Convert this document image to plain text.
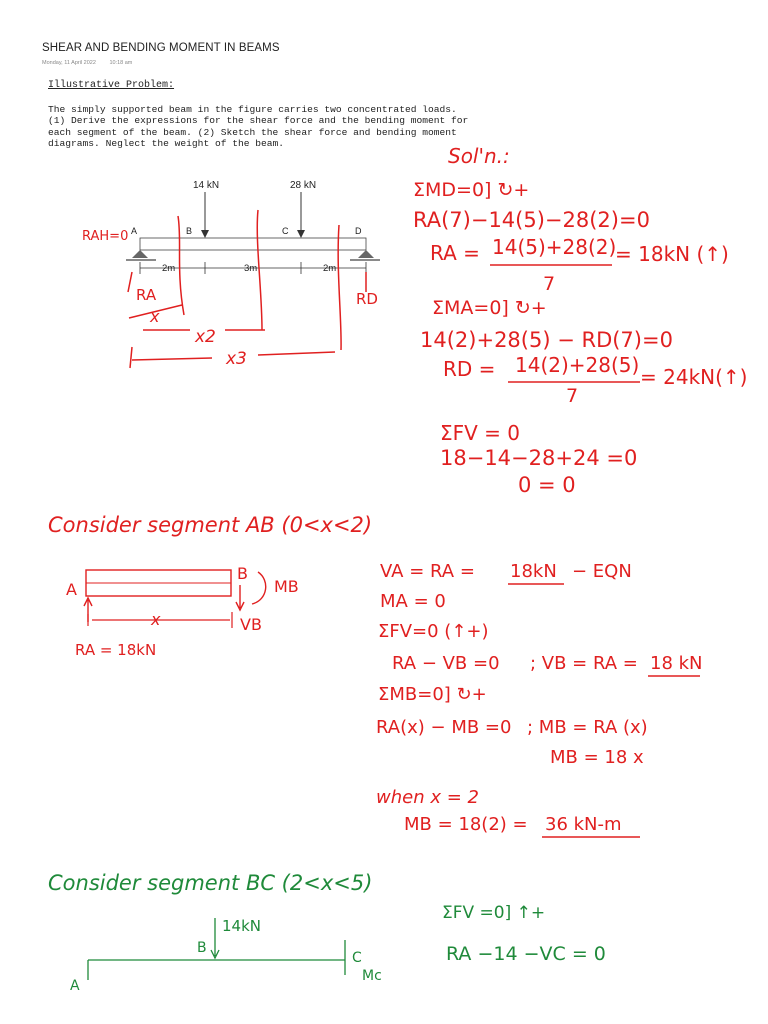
SHEAR AND BENDING MOMENT IN BEAMS
Monday, 11 April 2022 10:18 am
Illustrative Problem:
The simply supported beam in the figure carries two concentrated loads.
(1) Derive the expressions for the shear force and the bending moment for
each segment of the beam. (2) Sketch the shear force and bending moment
diagrams. Neglect the weight of the beam.
14 kN	28 kN
A	B	C	D
2m	3m	2m
RAH=0
RA	RD
x
x2
x3
Sol'n.:
ΣMD=0] ↻+
RA(7)−14(5)−28(2)=0
RA = 14(5)+28(2)
7
= 18kN (↑)
ΣMA=0] ↻+
14(2)+28(5) − RD(7)=0
RD = 14(2)+28(5)
7
= 24kN(↑)
ΣFV = 0
18−14−28+24 =0
0 = 0
Consider segment AB (0<x<2)
A
B
MB
VB
x
RA = 18kN
VA = RA = 18kN − EQN
MA = 0
ΣFV=0 (↑+)
RA − VB =0 ; VB = RA = 18 kN
ΣMB=0] ↻+
RA(x) − MB =0 ; MB = RA (x)
MB = 18 x
when x = 2
MB = 18(2) = 36 kN-m
Consider segment BC (2<x<5)
14kN
B
A
C
Mc
ΣFV =0] ↑+
RA −14 −VC = 0
